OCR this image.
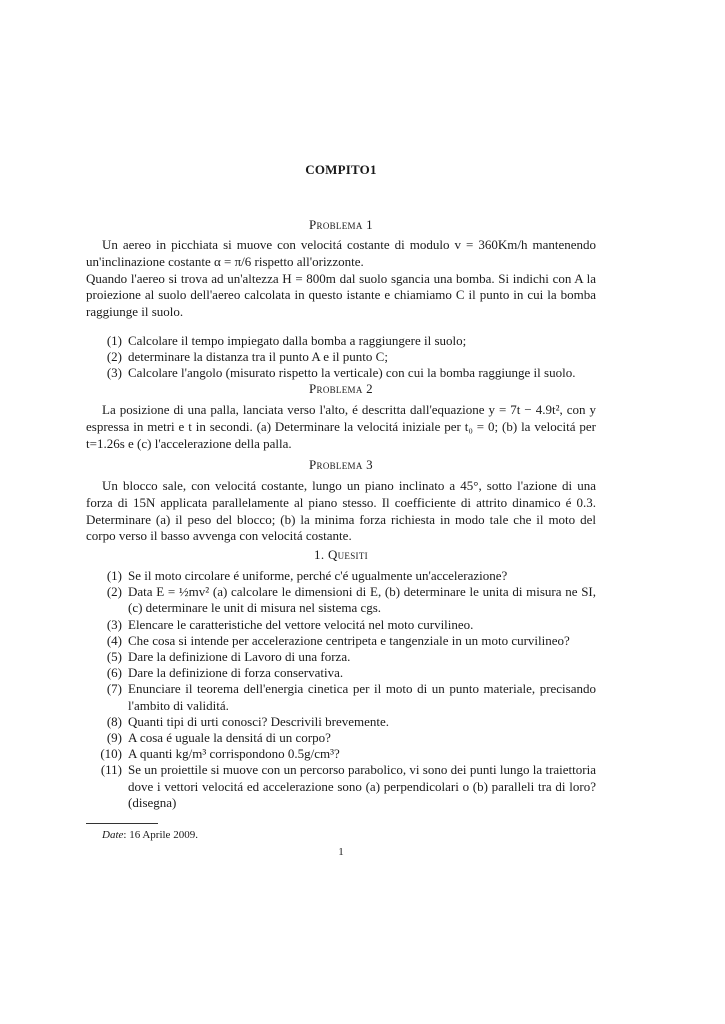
COMPITO1
Problema 1

Un aereo in picchiata si muove con velocitá costante di modulo v = 360Km/h mantenendo un'inclinazione costante α = π/6 rispetto all'orizzonte.

Quando l'aereo si trova ad un'altezza H = 800m dal suolo sgancia una bomba. Si indichi con A la proiezione al suolo dell'aereo calcolata in questo istante e chiamiamo C il punto in cui la bomba raggiunge il suolo.

(1) Calcolare il tempo impiegato dalla bomba a raggiungere il suolo;
(2) determinare la distanza tra il punto A e il punto C;
(3) Calcolare l'angolo (misurato rispetto la verticale) con cui la bomba raggiunge il suolo.
Problema 2

La posizione di una palla, lanciata verso l'alto, é descritta dall'equazione y = 7t − 4.9t², con y espressa in metri e t in secondi. (a) Determinare la velocitá iniziale per t₀ = 0; (b) la velocitá per t=1.26s e (c) l'accelerazione della palla.

Problema 3

Un blocco sale, con velocitá costante, lungo un piano inclinato a 45°, sotto l'azione di una forza di 15N applicata parallelamente al piano stesso. Il coefficiente di attrito dinamico é 0.3. Determinare (a) il peso del blocco; (b) la minima forza richiesta in modo tale che il moto del corpo verso il basso avvenga con velocitá costante.

1. Quesiti
(1) Se il moto circolare é uniforme, perché c'é ugualmente un'accelerazione?
(2) Data E = ½mv² (a) calcolare le dimensioni di E, (b) determinare le unita di misura ne SI, (c) determinare le unit di misura nel sistema cgs.
(3) Elencare le caratteristiche del vettore velocitá nel moto curvilineo.
(4) Che cosa si intende per accelerazione centripeta e tangenziale in un moto curvilineo?
(5) Dare la definizione di Lavoro di una forza.
(6) Dare la definizione di forza conservativa.
(7) Enunciare il teorema dell'energia cinetica per il moto di un punto materiale, precisando l'ambito di validitá.
(8) Quanti tipi di urti conosci? Descrivili brevemente.
(9) A cosa é uguale la densitá di un corpo?
(10) A quanti kg/m³ corrispondono 0.5g/cm³?
(11) Se un proiettile si muove con un percorso parabolico, vi sono dei punti lungo la traiettoria dove i vettori velocitá ed accelerazione sono (a) perpendicolari o (b) paralleli tra di loro? (disegna)
Date: 16 Aprile 2009.
1
